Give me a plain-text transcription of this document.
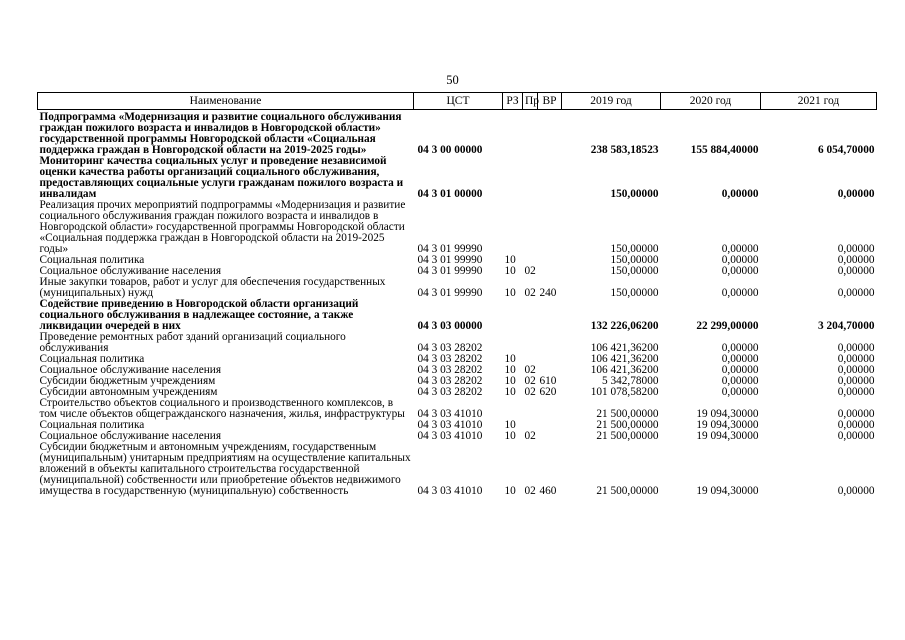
50
Наименование	ЦСТ	РЗ	Пр	ВР	2019 год	2020 год	2021 год
Подпрограмма «Модернизация и развитие социального обслуживания граждан пожилого возраста и инвалидов в Новгородской области» государственной программы Новгородской области «Социальная поддержка граждан в Новгородской области на 2019-2025 годы»	04 3 00 00000				238 583,18523	155 884,40000	6 054,70000
Мониторинг качества социальных услуг и проведение независимой оценки качества работы организаций социального обслуживания, предоставляющих социальные услуги гражданам пожилого возраста и инвалидам	04 3 01 00000				150,00000	0,00000	0,00000
Реализация прочих мероприятий подпрограммы «Модернизация и развитие социального обслуживания граждан пожилого возраста и инвалидов в Новгородской области» государственной программы Новгородской области «Социальная поддержка граждан в Новгородской области на 2019-2025 годы»	04 3 01 99990				150,00000	0,00000	0,00000
Социальная политика	04 3 01 99990	10			150,00000	0,00000	0,00000
Социальное обслуживание населения	04 3 01 99990	10	02		150,00000	0,00000	0,00000
Иные закупки товаров, работ и услуг для обеспечения государственных (муниципальных) нужд	04 3 01 99990	10	02	240	150,00000	0,00000	0,00000
Содействие приведению в Новгородской области организаций социального обслуживания в надлежащее состояние, а также ликвидации очередей в них	04 3 03 00000				132 226,06200	22 299,00000	3 204,70000
Проведение ремонтных работ зданий организаций социального обслуживания	04 3 03 28202				106 421,36200	0,00000	0,00000
Социальная политика	04 3 03 28202	10			106 421,36200	0,00000	0,00000
Социальное обслуживание населения	04 3 03 28202	10	02		106 421,36200	0,00000	0,00000
Субсидии бюджетным учреждениям	04 3 03 28202	10	02	610	5 342,78000	0,00000	0,00000
Субсидии автономным учреждениям	04 3 03 28202	10	02	620	101 078,58200	0,00000	0,00000
Строительство объектов социального и производственного комплексов, в том числе объектов общегражданского назначения, жилья, инфраструктуры	04 3 03 41010				21 500,00000	19 094,30000	0,00000
Социальная политика	04 3 03 41010	10			21 500,00000	19 094,30000	0,00000
Социальное обслуживание населения	04 3 03 41010	10	02		21 500,00000	19 094,30000	0,00000
Субсидии бюджетным и автономным учреждениям, государственным (муниципальным) унитарным предприятиям на осуществление капитальных вложений в объекты капитального строительства государственной (муниципальной) собственности или приобретение объектов недвижимого имущества в государственную (муниципальную) собственность	04 3 03 41010	10	02	460	21 500,00000	19 094,30000	0,00000
